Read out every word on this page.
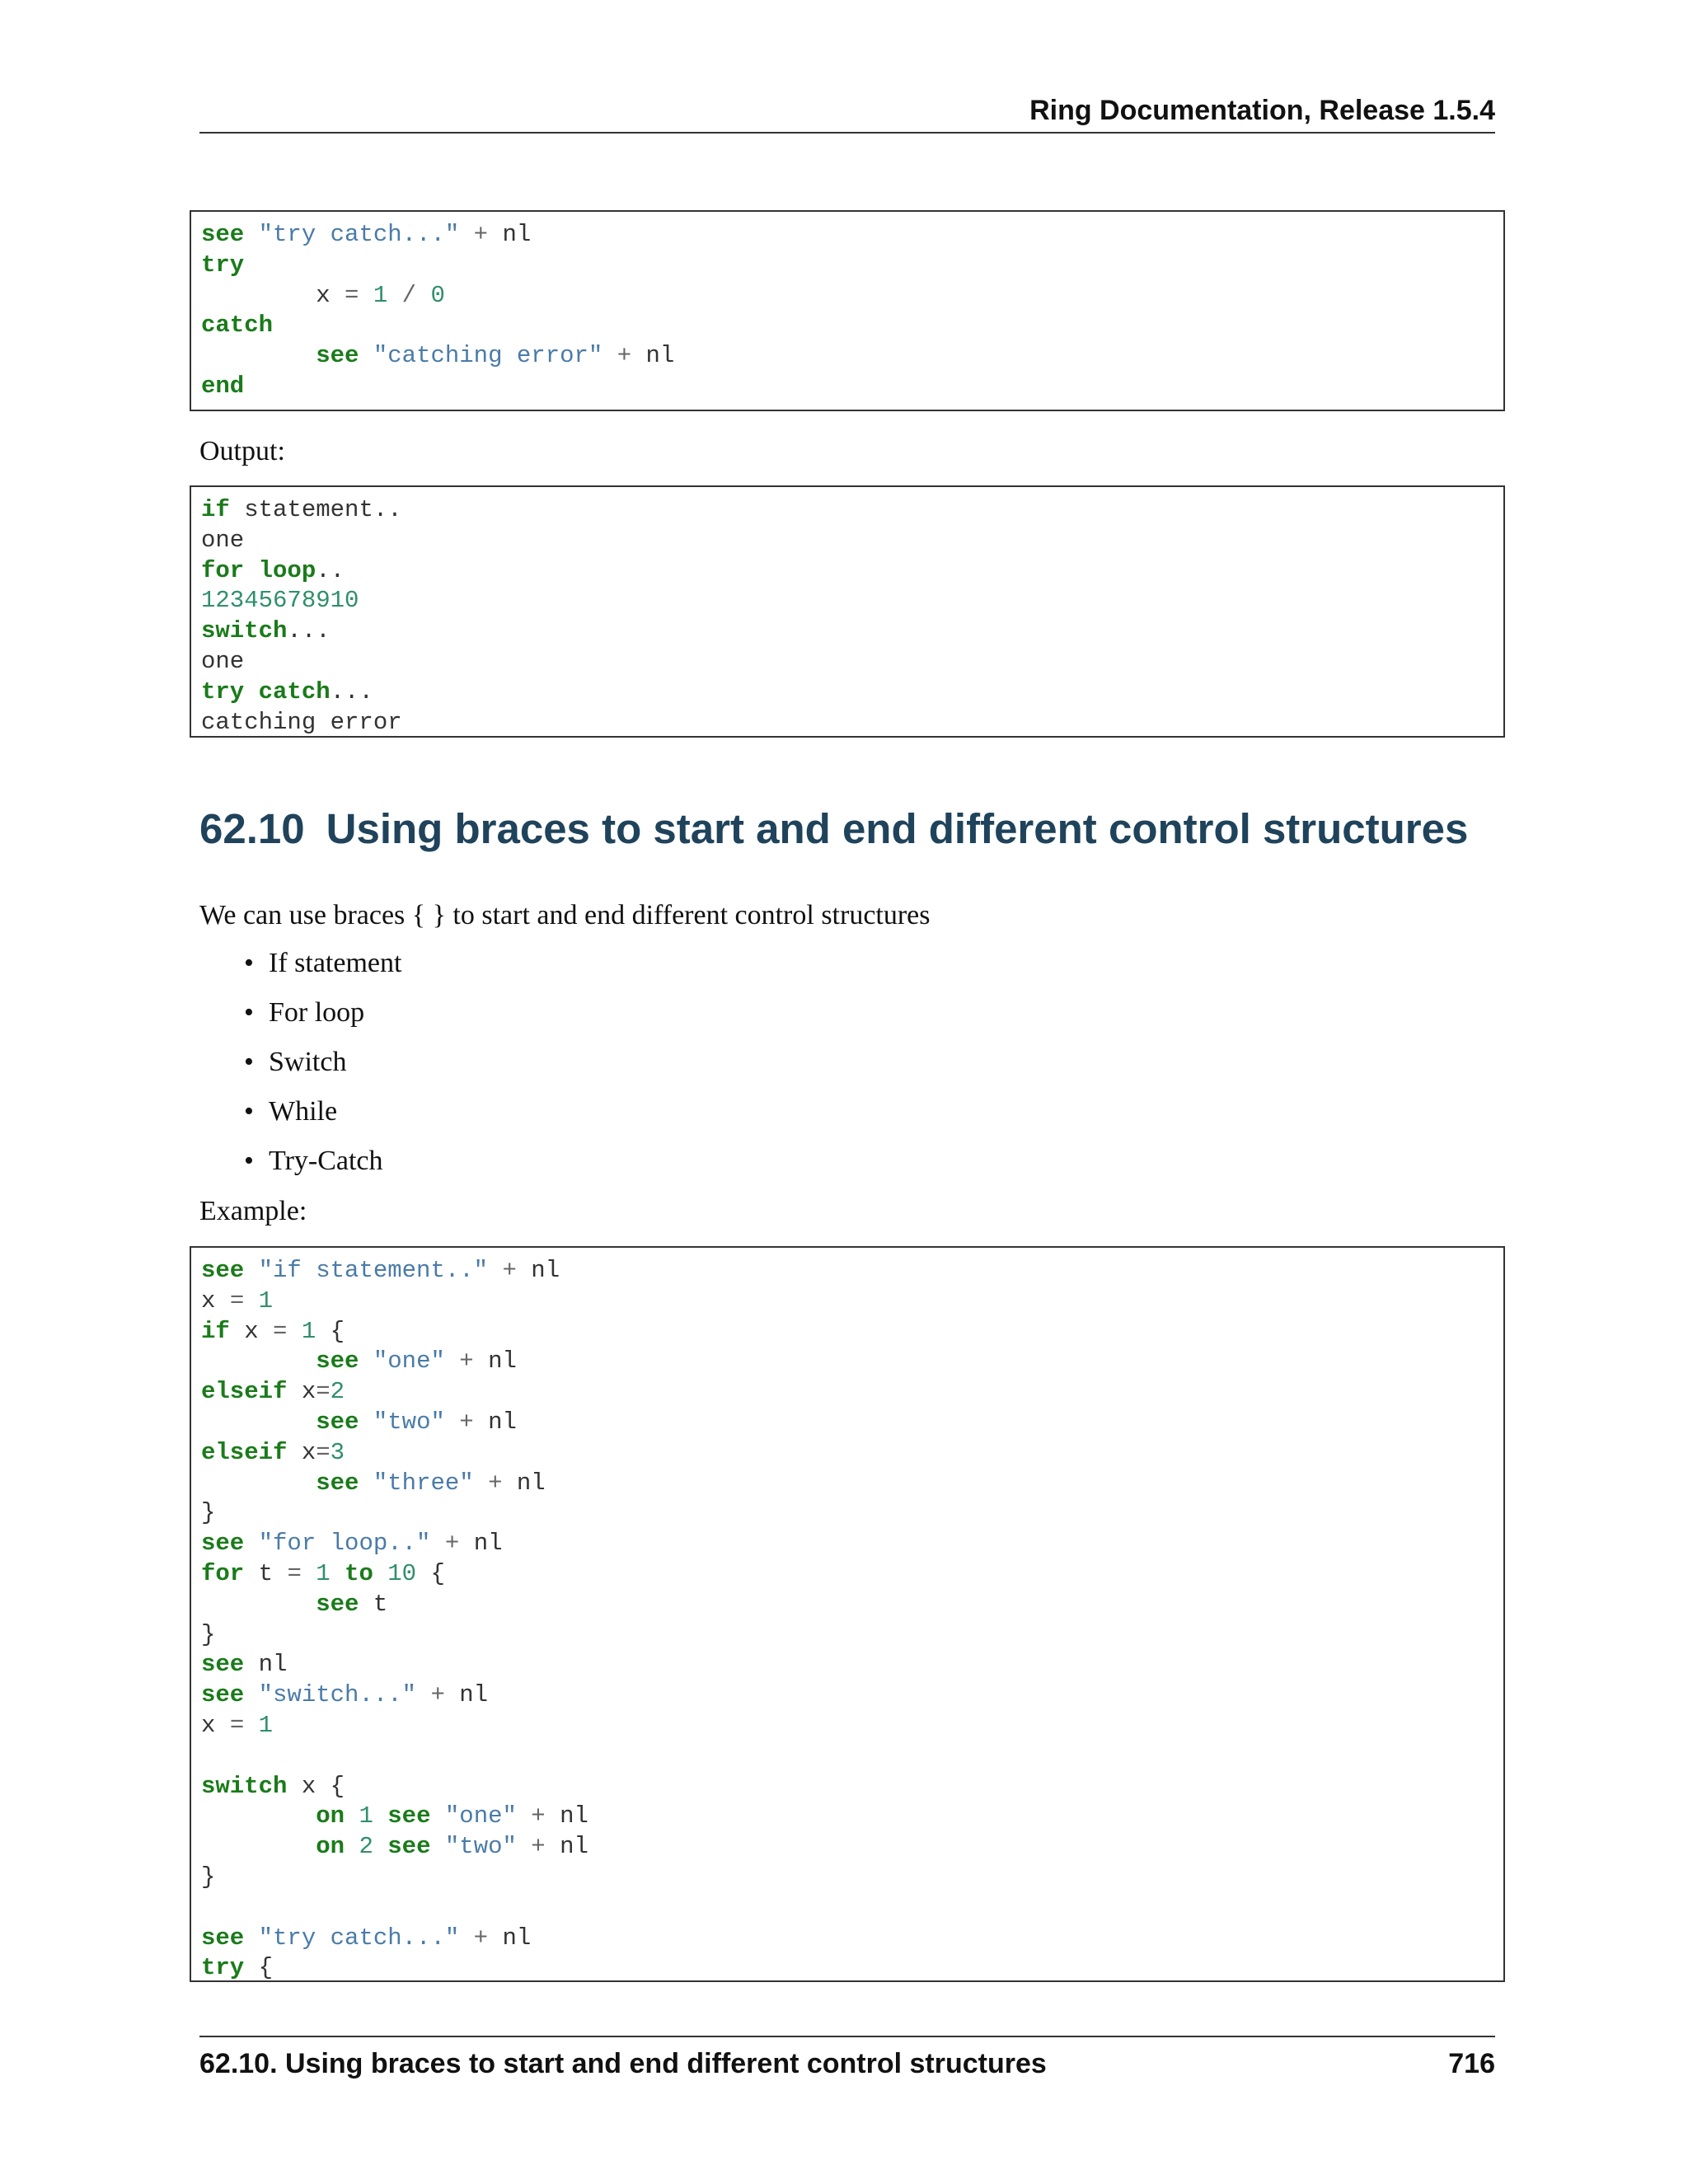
Ring Documentation, Release 1.5.4
see "try catch..." + nl
try
x = 1 / 0
catch
see "catching error" + nl
end
Output:
if statement..
one
for loop..
12345678910
switch...
one
try catch...
catching error
62.10 Using braces to start and end different control structures
We can use braces { } to start and end different control structures
• If statement
• For loop
• Switch
• While
• Try-Catch
Example:
see "if statement.." + nl
x = 1
if x = 1 {
see "one" + nl
elseif x=2
see "two" + nl
elseif x=3
see "three" + nl
}
see "for loop.." + nl
for t = 1 to 10 {
see t
}
see nl
see "switch..." + nl
x = 1
switch x {
on 1 see "one" + nl
on 2 see "two" + nl
}
see "try catch..." + nl
try {
62.10. Using braces to start and end different control structures	716
